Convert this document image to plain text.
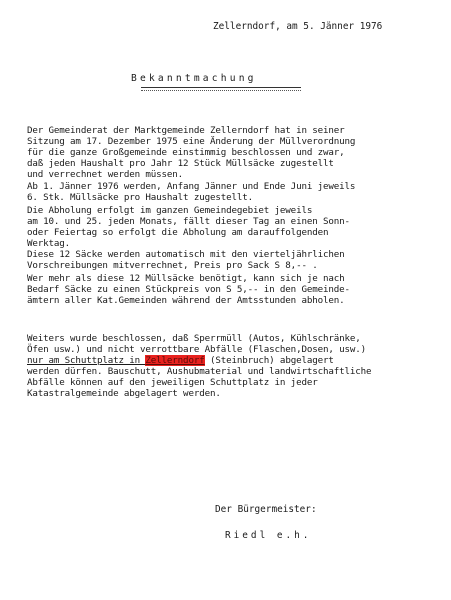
Zellerndorf, am 5. Jänner 1976
Bekanntmachung
Der Gemeinderat der Marktgemeinde Zellerndorf hat in seiner
Sitzung am 17. Dezember 1975 eine Änderung der Müllverordnung
für die ganze Großgemeinde einstimmig beschlossen und zwar,
daß jeden Haushalt pro Jahr 12 Stück Müllsäcke zugestellt
und verrechnet werden müssen.
Ab 1. Jänner 1976 werden, Anfang Jänner und Ende Juni jeweils
6. Stk. Müllsäcke pro Haushalt zugestellt.
Die Abholung erfolgt im ganzen Gemeindegebiet jeweils
am 10. und 25. jeden Monats, fällt dieser Tag an einen Sonn-
oder Feiertag so erfolgt die Abholung am darauffolgenden
Werktag.
Diese 12 Säcke werden automatisch mit den vierteljährlichen
Vorschreibungen mitverrechnet, Preis pro Sack S 8,-- .
Wer mehr als diese 12 Müllsäcke benötigt, kann sich je nach
Bedarf Säcke zu einen Stückpreis von S 5,-- in den Gemeinde-
ämtern aller Kat.Gemeinden während der Amtsstunden abholen.
Weiters wurde beschlossen, daß Sperrmüll (Autos, Kühlschränke,
Öfen usw.) und nicht verrottbare Abfälle (Flaschen,Dosen, usw.)
nur am Schuttplatz in Zellerndorf (Steinbruch) abgelagert
werden dürfen. Bauschutt, Aushubmaterial und landwirtschaftliche
Abfälle können auf den jeweiligen Schuttplatz in jeder
Katastralgemeinde abgelagert werden.
Der Bürgermeister:
Riedl e.h.
